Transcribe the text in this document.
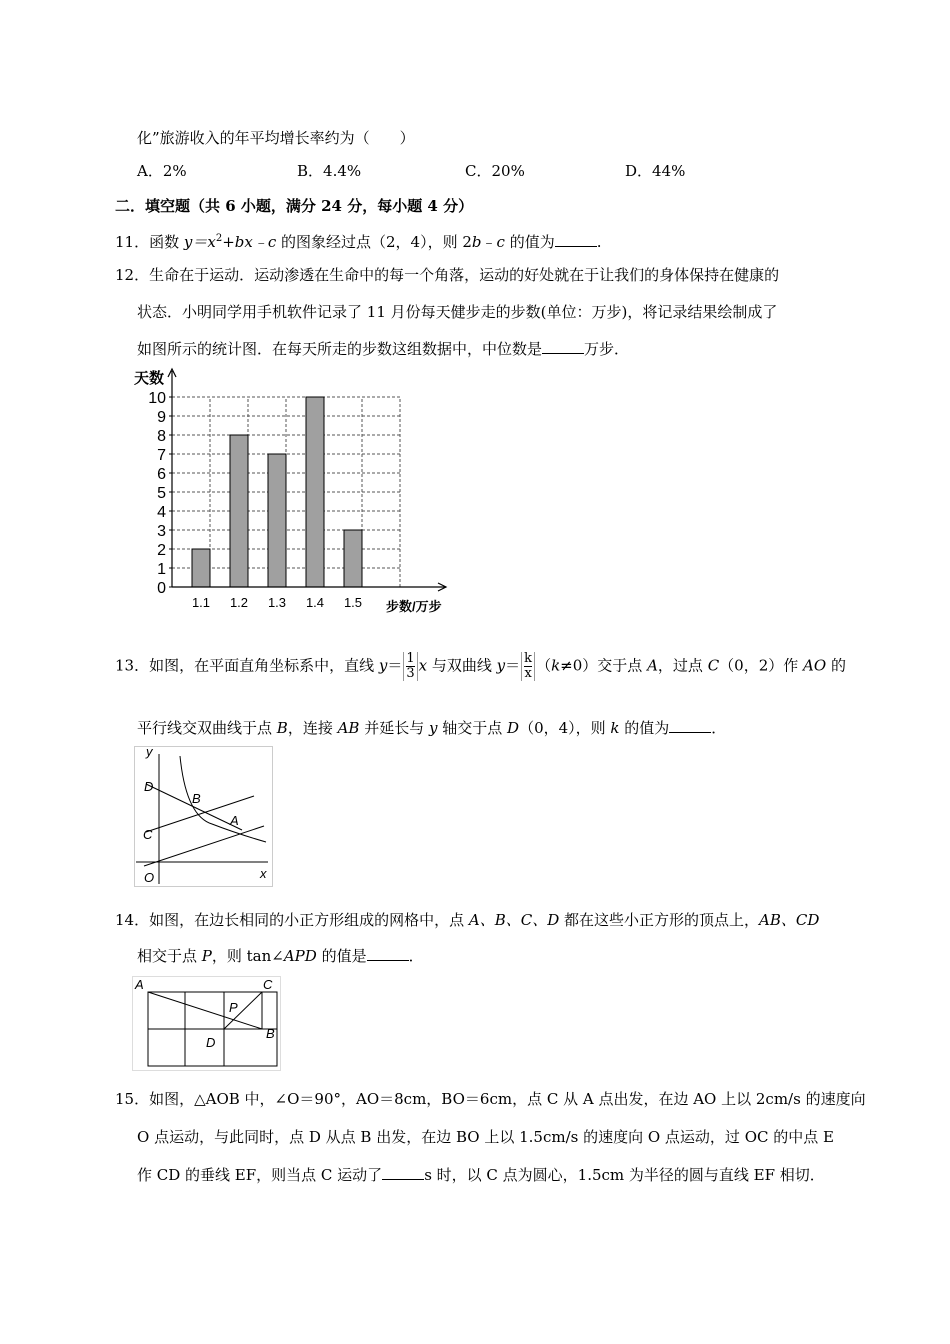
化”旅游收入的年平均增长率约为（　　）
A．2%	B．4.4%	C．20%	D．44%
二．填空题（共 6 小题，满分 24 分，每小题 4 分）
11．函数 $y=x^2+bx﹣c$ 的图象经过点（2，4），则 2b﹣c 的值为	.
12．生命在于运动．运动渗透在生命中的每一个角落，运动的好处就在于让我们的身体保持在健康的
状态．小明同学用手机软件记录了 11 月份每天健步走的步数(单位：万步)，将记录结果绘制成了
如图所示的统计图．在每天所走的步数这组数据中，中位数是	万步．
0
1
2
3
4
5
6
7
8
9
10
1.1 1.2 1.3 1.4 1.5
天数
步数/万步
13．如图，在平面直角坐标系中，直线 $y= \frac{1}{3}$ x 与双曲线 $y= \frac{k}{x} (k\ne 0)$交于点 A，过点 C（0，2）作 AO 的
平行线交双曲线于点 B，连接 AB 并延长与 y 轴交于点 D（0，4），则 k 的值为	．
y
x
O
C
D
B
A
14．如图，在边长相同的小正方形组成的网格中，点 A、B、C、D 都在这些小正方形的顶点上，AB、CD
相交于点 P，则 tan∠APD 的值是	．
A	C
P
B
D
15．如图，△AOB 中，∠O＝90°，AO＝8cm，BO＝6cm，点 C 从 A 点出发，在边 AO 上以 2cm/s 的速度向
O 点运动，与此同时，点 D 从点 B 出发，在边 BO 上以 1.5cm/s 的速度向 O 点运动，过 OC 的中点 E
作 CD 的垂线 EF，则当点 C 运动了	s 时，以 C 点为圆心，1.5cm 为半径的圆与直线 EF 相切．
